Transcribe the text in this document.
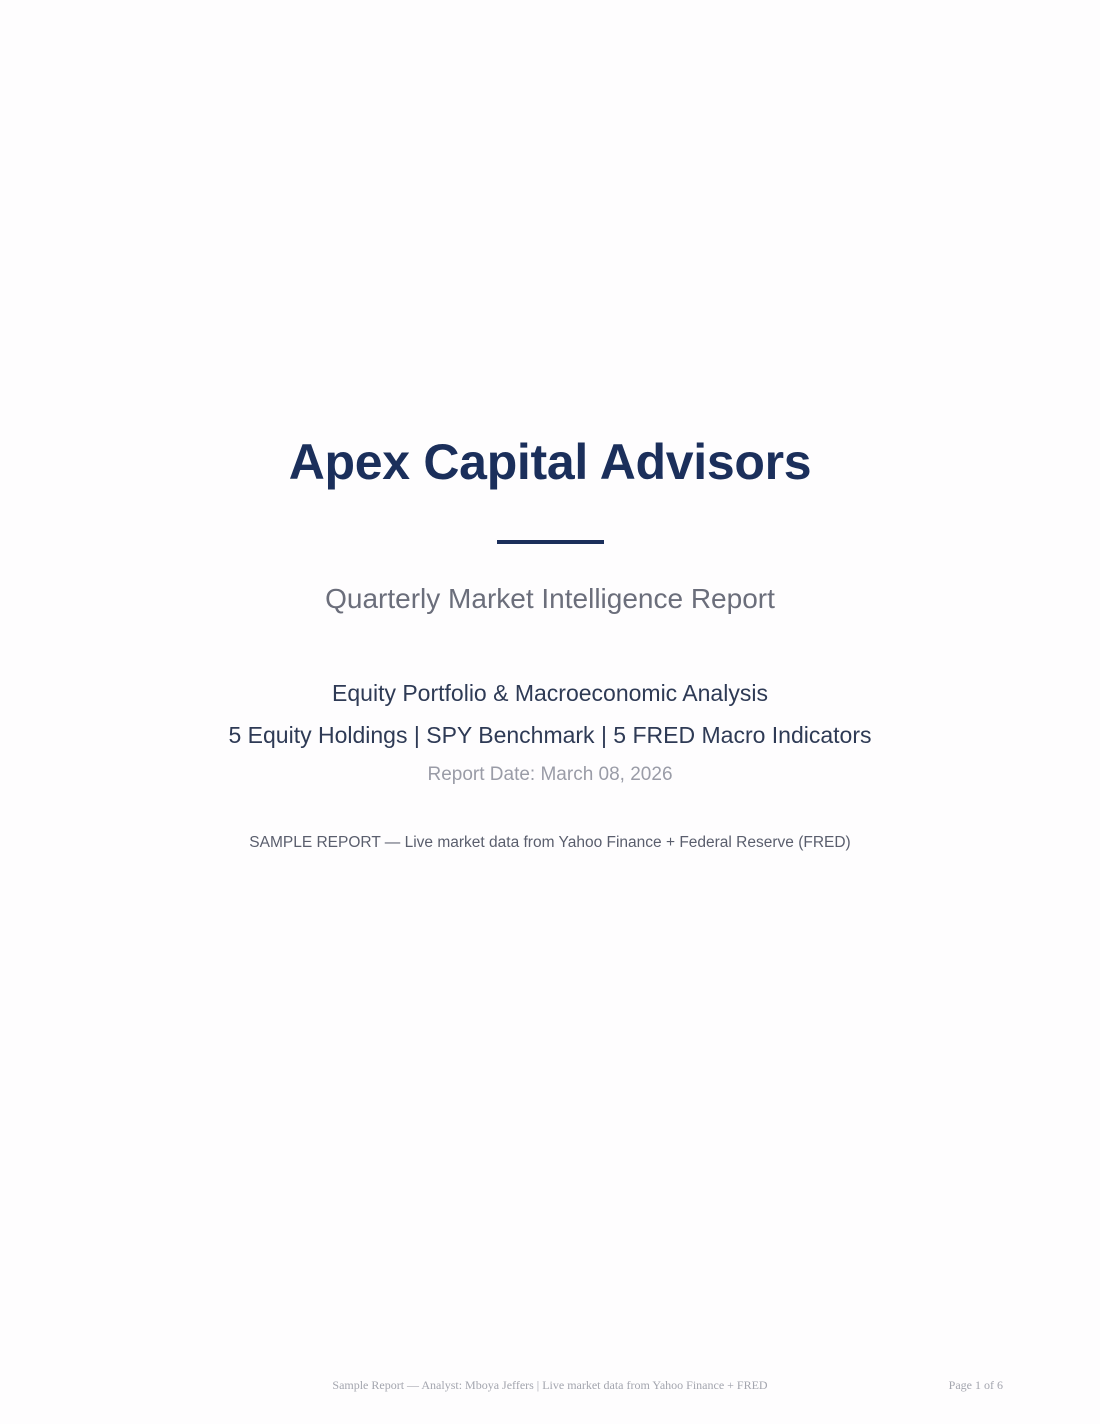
Apex Capital Advisors
Quarterly Market Intelligence Report
Equity Portfolio & Macroeconomic Analysis
5 Equity Holdings | SPY Benchmark | 5 FRED Macro Indicators
Report Date: March 08, 2026
SAMPLE REPORT — Live market data from Yahoo Finance + Federal Reserve (FRED)
Sample Report — Analyst: Mboya Jeffers | Live market data from Yahoo Finance + FRED	Page 1 of 6
